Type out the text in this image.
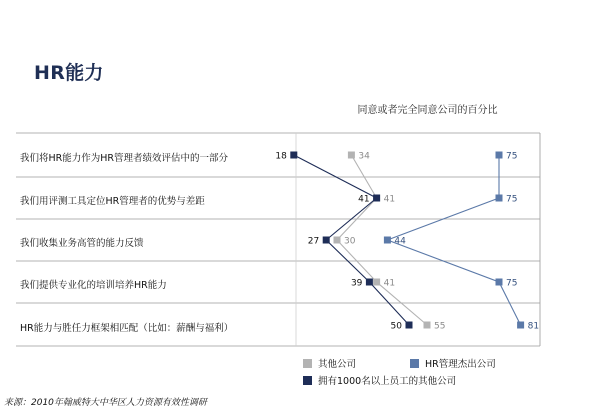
HR能力
同意或者完全同意公司的百分比
34
41
30
41
55
75
75
44
75
81
18
41
27
39
50
我们将HR能力作为HR管理者绩效评估中的一部分
我们用评测工具定位HR管理者的优势与差距
我们收集业务高管的能力反馈
我们提供专业化的培训培养HR能力
HR能力与胜任力框架相匹配（比如：薪酬与福利）
其他公司	HR管理杰出公司
拥有1000名以上员工的其他公司
来源：2010年翰威特大中华区人力资源有效性调研
